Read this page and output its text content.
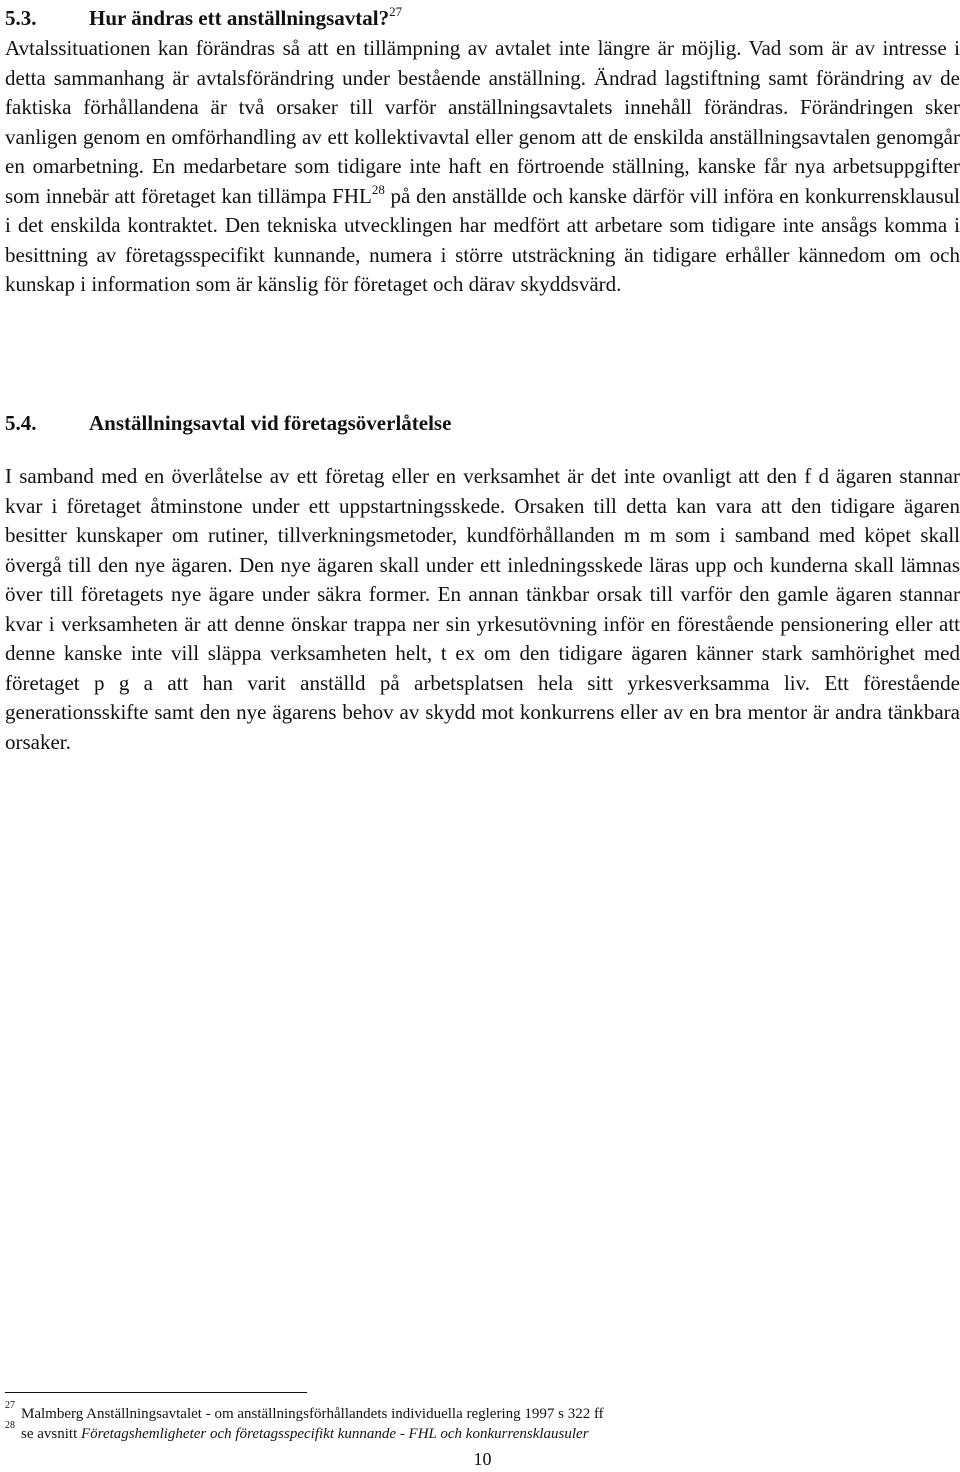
5.3.	Hur ändras ett anställningsavtal?$^{27}$

Avtalssituationen kan förändras så att en tillämpning av avtalet inte längre är möjlig. Vad som är av intresse i detta sammanhang är avtalsförändring under bestående anställning. Ändrad lagstiftning samt förändring av de faktiska förhållandena är två orsaker till varför anställningsavtalets innehåll förändras. Förändringen sker vanligen genom en omförhandling av ett kollektivavtal eller genom att de enskilda anställningsavtalen genomgår en omarbetning. En medarbetare som tidigare inte haft en förtroende ställning, kanske får nya arbetsuppgifter som innebär att företaget kan tillämpa FHL$^{28}$ på den anställde och kanske därför vill införa en konkurrensklausul i det enskilda kontraktet. Den tekniska utvecklingen har medfört att arbetare som tidigare inte ansågs komma i besittning av företagsspecifikt kunnande, numera i större utsträckning än tidigare erhåller kännedom om och kunskap i information som är känslig för företaget och därav skyddsvärd.

5.4.	Anställningsavtal vid företagsöverlåtelse

I samband med en överlåtelse av ett företag eller en verksamhet är det inte ovanligt att den f d ägaren stannar kvar i företaget åtminstone under ett uppstartningsskede. Orsaken till detta kan vara att den tidigare ägaren besitter kunskaper om rutiner, tillverkningsmetoder, kundförhållanden m m som i samband med köpet skall övergå till den nye ägaren. Den nye ägaren skall under ett inledningsskede läras upp och kunderna skall lämnas över till företagets nye ägare under säkra former. En annan tänkbar orsak till varför den gamle ägaren stannar kvar i verksamheten är att denne önskar trappa ner sin yrkesutövning inför en förestående pensionering eller att denne kanske inte vill släppa verksamheten helt, t ex om den tidigare ägaren känner stark samhörighet med företaget p g a att han varit anställd på arbetsplatsen hela sitt yrkesverksamma liv. Ett förestående generationsskifte samt den nye ägarens behov av skydd mot konkurrens eller av en bra mentor är andra tänkbara orsaker.

27
Malmberg Anställningsavtalet - om anställningsförhållandets individuella reglering 1997 s 322 ff
28
se avsnitt Företagshemligheter och företagsspecifikt kunnande - FHL och konkurrensklausuler
10
